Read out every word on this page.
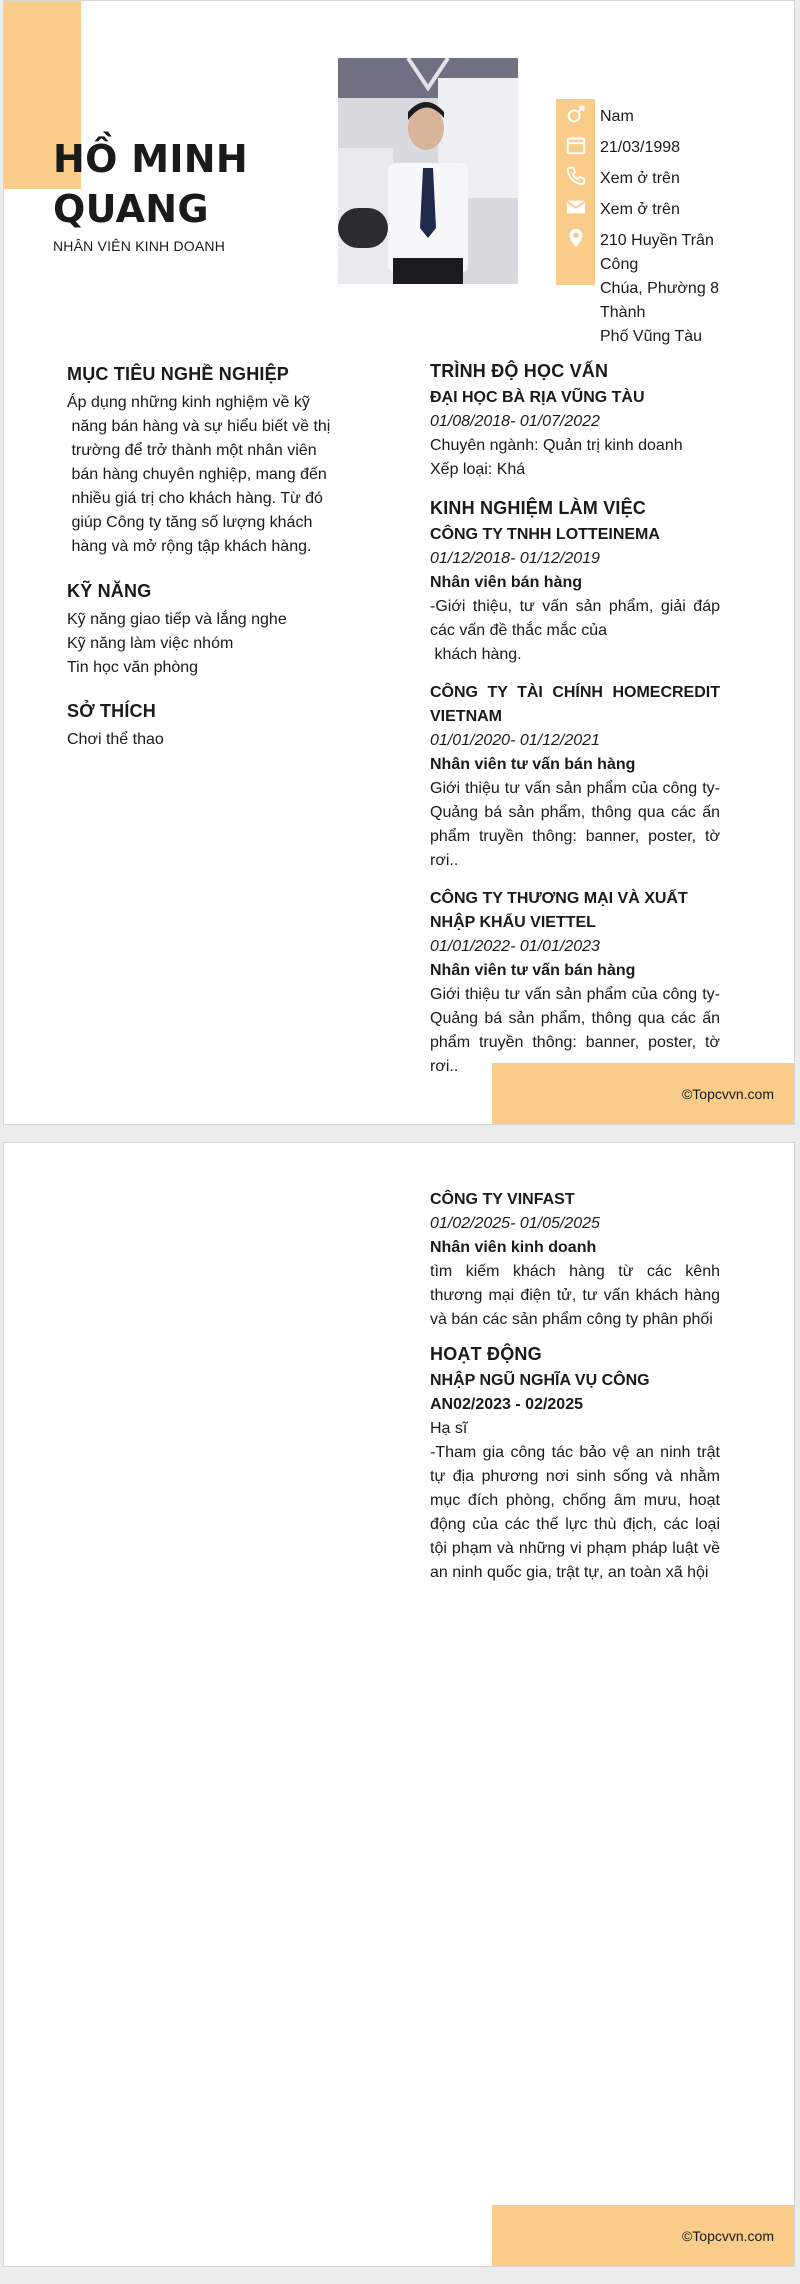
HỒ MINH
QUANG
NHÂN VIÊN KINH DOANH
Nam
21/03/1998
Xem ở trên
Xem ở trên
210 Huyền Trân Công
Chúa, Phường 8 Thành
Phố Vũng Tàu
MỤC TIÊU NGHỀ NGHIỆP
Áp dụng những kinh nghiệm về kỹ
năng bán hàng và sự hiểu biết về thị
trường để trở thành một nhân viên
bán hàng chuyên nghiệp, mang đến
nhiều giá trị cho khách hàng. Từ đó
giúp Công ty tăng số lượng khách
hàng và mở rộng tập khách hàng.
KỸ NĂNG
Kỹ năng giao tiếp và lắng nghe
Kỹ năng làm việc nhóm
Tin học văn phòng
SỞ THÍCH
Chơi thể thao
TRÌNH ĐỘ HỌC VẤN
ĐẠI HỌC BÀ RỊA VŨNG TÀU
01/08/2018- 01/07/2022
Chuyên ngành: Quản trị kinh doanh
Xếp loại: Khá
KINH NGHIỆM LÀM VIỆC
CÔNG TY TNHH LOTTEINEMA
01/12/2018- 01/12/2019
Nhân viên bán hàng
-Giới thiệu, tư vấn sản phẩm, giải đáp các vấn đề thắc mắc của
khách hàng.
CÔNG TY TÀI CHÍNH HOMECREDIT VIETNAM
01/01/2020- 01/12/2021
Nhân viên tư vấn bán hàng
Giới thiệu tư vấn sản phẩm của công ty- Quảng bá sản phẩm, thông qua các ấn phẩm truyền thông: banner, poster, tờ rơi..
CÔNG TY THƯƠNG MẠI VÀ XUẤT NHẬP KHẨU VIETTEL
01/01/2022- 01/01/2023
Nhân viên tư vấn bán hàng
Giới thiệu tư vấn sản phẩm của công ty- Quảng bá sản phẩm, thông qua các ấn phẩm truyền thông: banner, poster, tờ rơi..
©Topcvvn.com
CÔNG TY VINFAST
01/02/2025- 01/05/2025
Nhân viên kinh doanh
tìm kiếm khách hàng từ các kênh thương mại điện tử, tư vấn khách hàng và bán các sản phẩm công ty phân phối
HOẠT ĐỘNG
NHẬP NGŨ NGHĨA VỤ CÔNG AN02/2023 - 02/2025
Hạ sĩ
-Tham gia công tác bảo vệ an ninh trật tự địa phương nơi sinh sống và nhằm mục đích phòng, chống âm mưu, hoạt động của các thế lực thù địch, các loại tội phạm và những vi phạm pháp luật về an ninh quốc gia, trật tự, an toàn xã hội
©Topcvvn.com
